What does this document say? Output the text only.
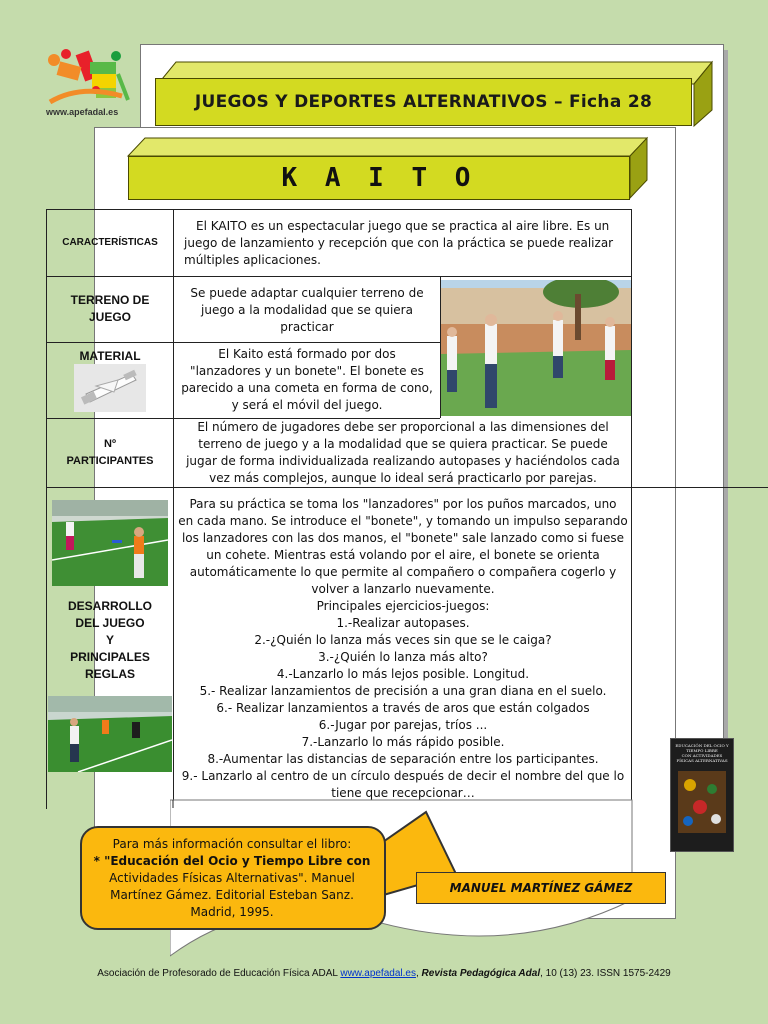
www.apefadal.es	JUEGOS Y DEPORTES ALTERNATIVOS – Ficha 28
K A I T O
CARACTERÍSTICAS
El KAITO es un espectacular juego que se practica al aire libre. Es un
juego de lanzamiento y recepción que con la práctica se puede realizar
múltiples aplicaciones.
TERRENO DE
JUEGO
Se puede adaptar cualquier terreno de
juego a la modalidad que se quiera
practicar
MATERIAL	El Kaito está formado por dos
"lanzadores y un bonete". El bonete es
parecido a una cometa en forma de cono,
y será el móvil del juego.
Nº
PARTICIPANTES
El número de jugadores debe ser proporcional a las dimensiones del
terreno de juego y a la modalidad que se quiera practicar. Se puede
jugar de forma individualizada realizando autopases y haciéndolos cada
vez más complejos, aunque lo ideal será practicarlo por parejas.
DESARROLLO
DEL JUEGO
Y
PRINCIPALES
REGLAS
Para su práctica se toma los "lanzadores" por los puños marcados, uno
en cada mano. Se introduce el "bonete", y tomando un impulso separando
los lanzadores con las dos manos, el "bonete" sale lanzado como si fuese
un cohete. Mientras está volando por el aire, el bonete se orienta
automáticamente lo que permite al compañero o compañera cogerlo y
volver a lanzarlo nuevamente.
Principales ejercicios-juegos:
1.-Realizar autopases.
2.-¿Quién lo lanza más veces sin que se le caiga?
3.-¿Quién lo lanza más alto?
4.-Lanzarlo lo más lejos posible. Longitud.
5.- Realizar lanzamientos de precisión a una gran diana en el suelo.
6.- Realizar lanzamientos a través de aros que están colgados
6.-Jugar por parejas, tríos ...
7.-Lanzarlo lo más rápido posible.
8.-Aumentar las distancias de separación entre los participantes.
9.- Lanzarlo al centro de un círculo después de decir el nombre del que lo
tiene que recepcionar…
Para más información consultar el libro:
* "Educación del Ocio y Tiempo Libre con
Actividades Físicas Alternativas". Manuel
Martínez Gámez. Editorial Esteban Sanz.
Madrid, 1995.
MANUEL MARTÍNEZ GÁMEZ
EDUCACIÓN DEL OCIO Y TIEMPO LIBRE
CON ACTIVIDADES FÍSICAS ALTERNATIVAS
Asociación de Profesorado de Educación Física ADAL www.apefadal.es, Revista Pedagógica Adal, 10 (13) 23. ISSN 1575-2429
